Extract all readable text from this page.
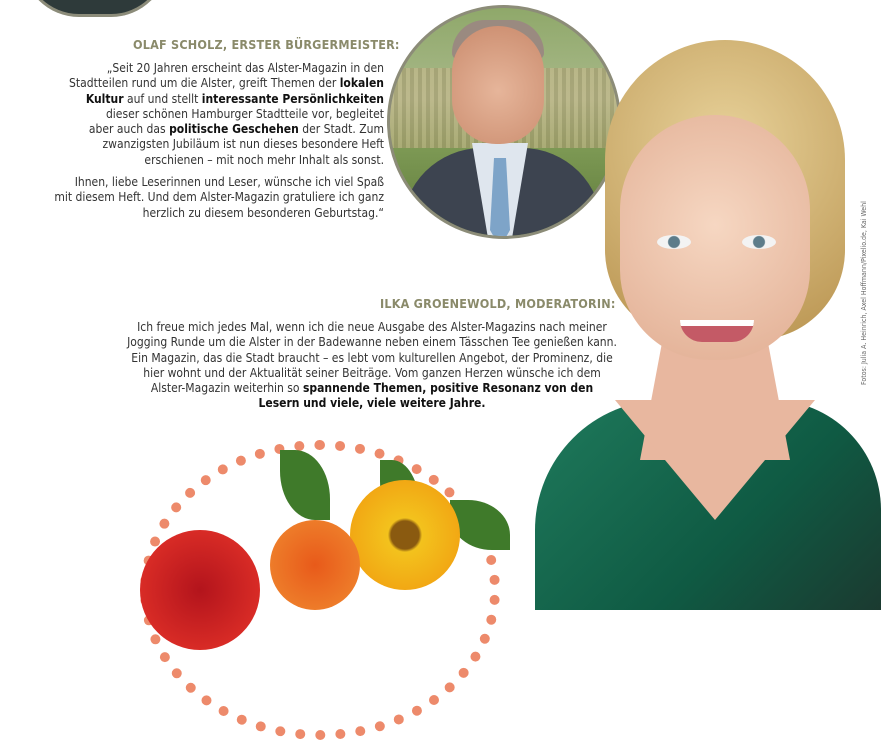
OLAF SCHOLZ, ERSTER BÜRGERMEISTER:
„Seit 20 Jahren erscheint das Alster-Magazin in den
Stadtteilen rund um die Alster, greift Themen der lokalen
Kultur auf und stellt interessante Persönlichkeiten
dieser schönen Hamburger Stadtteile vor, begleitet
aber auch das politische Geschehen der Stadt. Zum
zwanzigsten Jubiläum ist nun dieses besondere Heft
erschienen – mit noch mehr Inhalt als sonst.
Ihnen, liebe Leserinnen und Leser, wünsche ich viel Spaß
mit diesem Heft. Und dem Alster-Magazin gratuliere ich ganz
herzlich zu diesem besonderen Geburtstag.“
ILKA GROENEWOLD, MODERATORIN:
Ich freue mich jedes Mal, wenn ich die neue Ausgabe des Alster-Magazins nach meiner
Jogging Runde um die Alster in der Badewanne neben einem Tässchen Tee genießen kann.
Ein Magazin, das die Stadt braucht – es lebt vom kulturellen Angebot, der Prominenz, die
hier wohnt und der Aktualität seiner Beiträge. Vom ganzen Herzen wünsche ich dem
Alster-Magazin weiterhin so spannende Themen, positive Resonanz von den
Lesern und viele, viele weitere Jahre.
Fotos: Julia A. Heinrich, Axel Hoffmann/Pixelio.de, Kai Wehl
